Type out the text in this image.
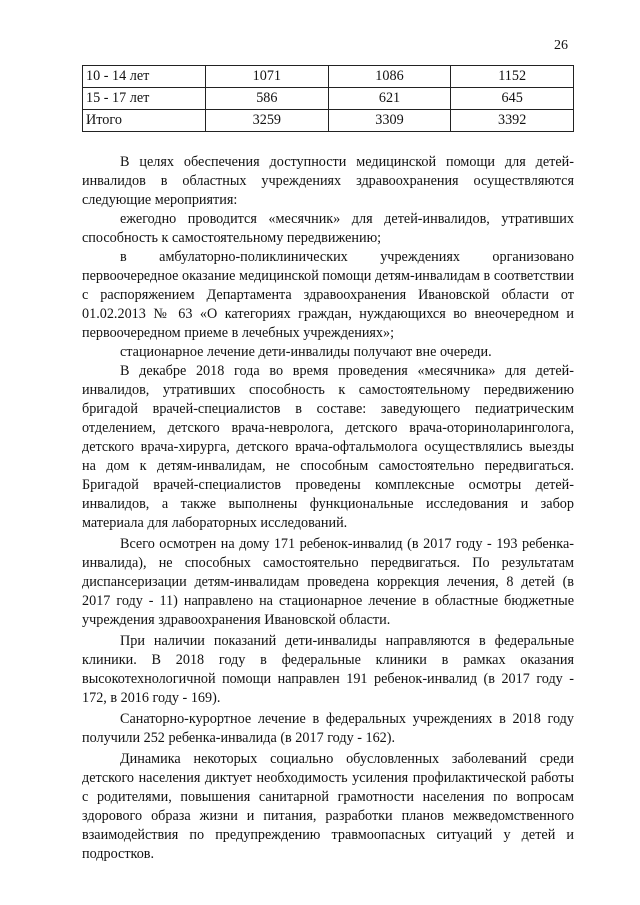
26
10 - 14 лет	1071	1086	1152
15 - 17 лет	586	621	645
Итого	3259	3309	3392

В целях обеспечения доступности медицинской помощи для детей-инвалидов в областных учреждениях здравоохранения осуществляются следующие мероприятия:

ежегодно проводится «месячник» для детей-инвалидов, утративших способность к самостоятельному передвижению;

в амбулаторно-поликлинических учреждениях организовано первоочередное оказание медицинской помощи детям-инвалидам в соответствии с распоряжением Департамента здравоохранения Ивановской области от 01.02.2013 № 63 «О категориях граждан, нуждающихся во внеочередном и первоочередном приеме в лечебных учреждениях»;

стационарное лечение дети-инвалиды получают вне очереди.

В декабре 2018 года во время проведения «месячника» для детей-инвалидов, утративших способность к самостоятельному передвижению бригадой врачей-специалистов в составе: заведующего педиатрическим отделением, детского врача-невролога, детского врача-оториноларинголога, детского врача-хирурга, детского врача-офтальмолога осуществлялись выезды на дом к детям-инвалидам, не способным самостоятельно передвигаться. Бригадой врачей-специалистов проведены комплексные осмотры детей-инвалидов, а также выполнены функциональные исследования и забор материала для лабораторных исследований.

Всего осмотрен на дому 171 ребенок-инвалид (в 2017 году - 193 ребенка-инвалида), не способных самостоятельно передвигаться. По результатам диспансеризации детям-инвалидам проведена коррекция лечения, 8 детей (в 2017 году - 11) направлено на стационарное лечение в областные бюджетные учреждения здравоохранения Ивановской области.

При наличии показаний дети-инвалиды направляются в федеральные клиники. В 2018 году в федеральные клиники в рамках оказания высокотехнологичной помощи направлен 191 ребенок-инвалид (в 2017 году - 172, в 2016 году - 169).

Санаторно-курортное лечение в федеральных учреждениях в 2018 году получили 252 ребенка-инвалида (в 2017 году - 162).

Динамика некоторых социально обусловленных заболеваний среди детского населения диктует необходимость усиления профилактической работы с родителями, повышения санитарной грамотности населения по вопросам здорового образа жизни и питания, разработки планов межведомственного взаимодействия по предупреждению травмоопасных ситуаций у детей и подростков.
